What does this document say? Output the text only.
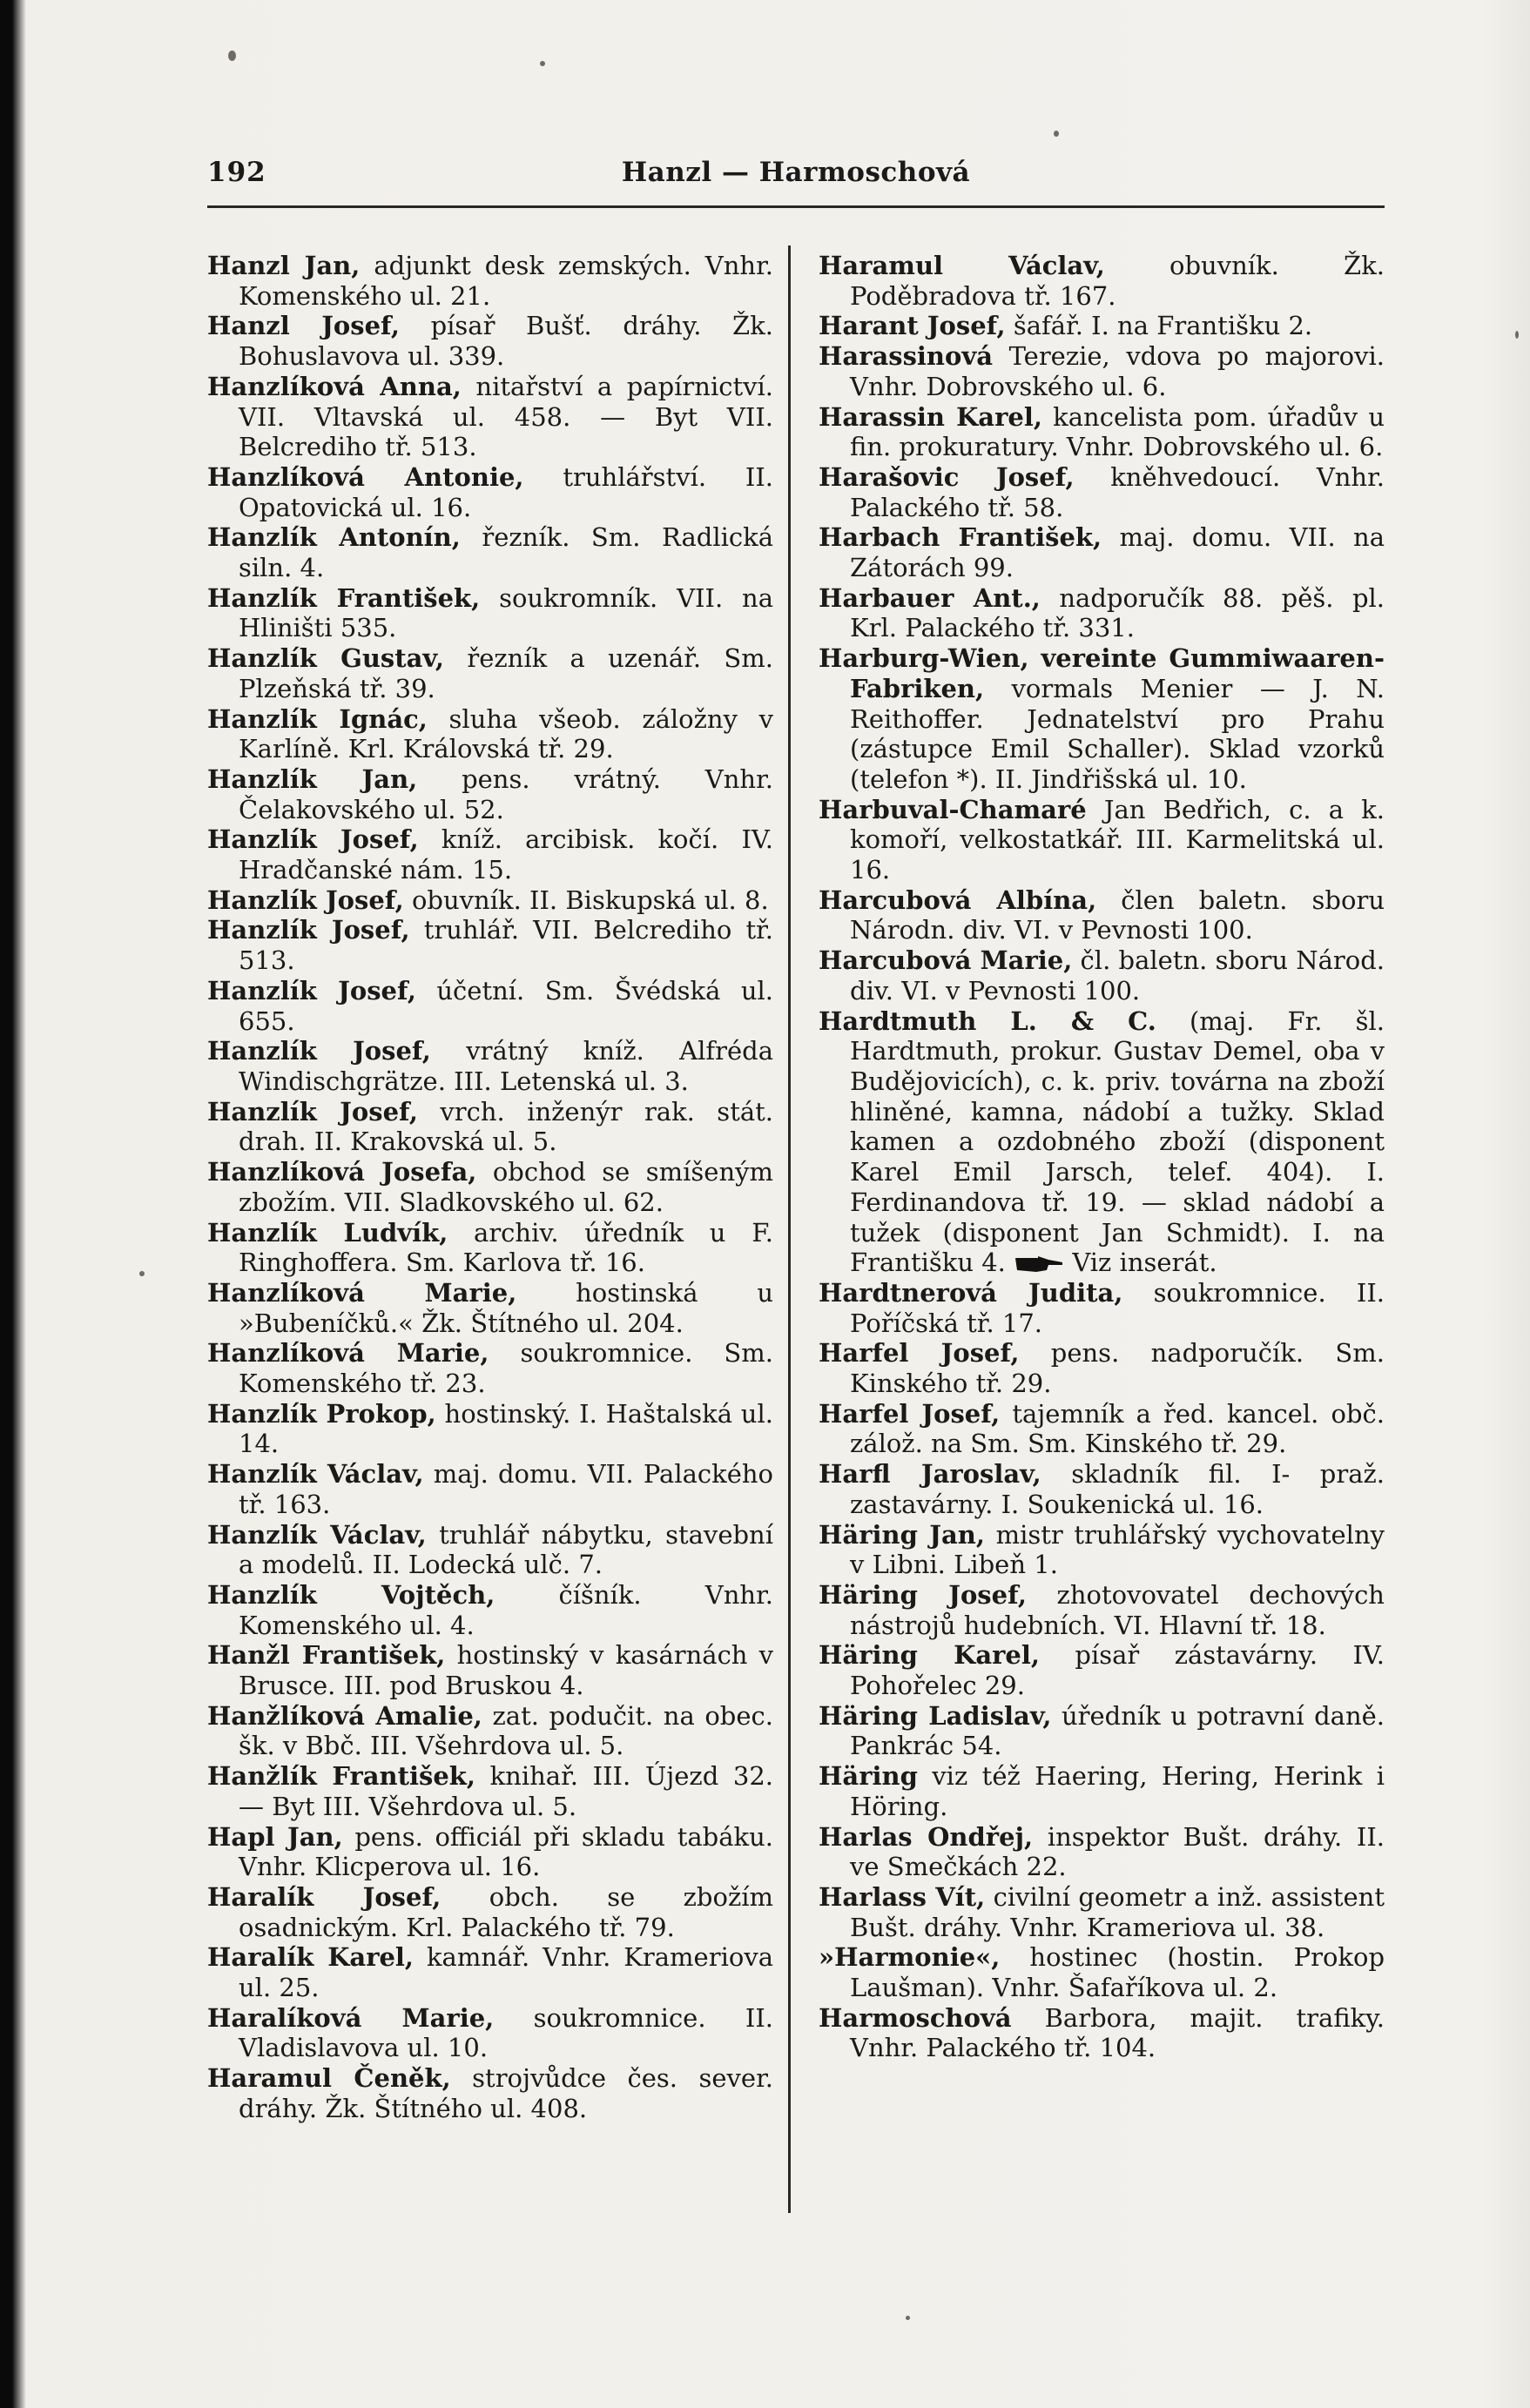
192	Hanzl — Harmoschová

Hanzl Jan, adjunkt desk zemských. Vnhr. Komenského ul. 21.

Hanzl Josef, písař Bušť. dráhy. Žk. Bohuslavova ul. 339.

Hanzlíková Anna, nitařství a papírnictví. VII. Vltavská ul. 458. — Byt VII. Belcrediho tř. 513.

Hanzlíková Antonie, truhlářství. II. Opatovická ul. 16.

Hanzlík Antonín, řezník. Sm. Radlická siln. 4.

Hanzlík František, soukromník. VII. na Hliništi 535.

Hanzlík Gustav, řezník a uzenář. Sm. Plzeňská tř. 39.

Hanzlík Ignác, sluha všeob. záložny v Karlíně. Krl. Královská tř. 29.

Hanzlík Jan, pens. vrátný. Vnhr. Čelakovského ul. 52.

Hanzlík Josef, kníž. arcibisk. kočí. IV. Hradčanské nám. 15.

Hanzlík Josef, obuvník. II. Biskupská ul. 8.

Hanzlík Josef, truhlář. VII. Belcrediho tř. 513.

Hanzlík Josef, účetní. Sm. Švédská ul. 655.

Hanzlík Josef, vrátný kníž. Alfréda Windischgrätze. III. Letenská ul. 3.

Hanzlík Josef, vrch. inženýr rak. stát. drah. II. Krakovská ul. 5.

Hanzlíková Josefa, obchod se smíšeným zbožím. VII. Sladkovského ul. 62.

Hanzlík Ludvík, archiv. úředník u F. Ringhoffera. Sm. Karlova tř. 16.

Hanzlíková Marie, hostinská u »Bubeníčků.« Žk. Štítného ul. 204.

Hanzlíková Marie, soukromnice. Sm. Komenského tř. 23.

Hanzlík Prokop, hostinský. I. Haštalská ul. 14.

Hanzlík Václav, maj. domu. VII. Palackého tř. 163.

Hanzlík Václav, truhlář nábytku, stavební a modelů. II. Lodecká ulč. 7.

Hanzlík Vojtěch,	číšník. Vnhr. Komenského ul. 4.

Hanžl František, hostinský v kasárnách v Brusce. III. pod Bruskou 4.

Hanžlíková Amalie, zat. podučit. na obec. šk. v Bbč. III. Všehrdova ul. 5.

Hanžlík František, knihař. III. Újezd 32. — Byt III. Všehrdova ul. 5.

Hapl Jan, pens. officiál při skladu tabáku. Vnhr. Klicperova ul. 16.

Haralík Josef, obch. se zbožím osadnickým. Krl. Palackého tř. 79.

Haralík Karel, kamnář. Vnhr. Krameriova ul. 25.

Haralíková Marie, soukromnice. II. Vladislavova ul. 10.

Haramul Čeněk, strojvůdce čes. sever. dráhy. Žk. Štítného ul. 408.

Haramul Václav,	obuvník. Žk. Poděbradova tř. 167.

Harant Josef, šafář. I. na Františku 2.

Harassinová Terezie, vdova po majorovi. Vnhr. Dobrovského ul. 6.

Harassin Karel, kancelista pom. úřadův u fin. prokuratury. Vnhr. Dobrovského ul. 6.

Harašovic Josef, kněhvedoucí. Vnhr. Palackého tř. 58.

Harbach František, maj. domu. VII. na Zátorách 99.

Harbauer Ant., nadporučík 88. pěš. pl. Krl. Palackého tř. 331.

Harburg-Wien, vereinte Gummiwaaren-Fabriken, vormals Menier — J. N. Reithoffer. Jednatelství pro Prahu (zástupce Emil Schaller). Sklad vzorků (telefon *). II. Jindřišská ul. 10.

Harbuval-Chamaré Jan Bedřich, c. a k. komoří, velkostatkář. III. Karmelitská ul. 16.

Harcubová Albína, člen baletn. sboru Národn. div. VI. v Pevnosti 100.

Harcubová Marie, čl. baletn. sboru Národ. div. VI. v Pevnosti 100.

Hardtmuth L. & C. (maj. Fr. šl. Hardtmuth, prokur. Gustav Demel, oba v Budějovicích), c. k. priv. továrna na zboží hliněné, kamna, nádobí a tužky. Sklad kamen a ozdobného zboží (disponent Karel Emil Jarsch, telef. 404). I. Ferdinandova tř. 19. — sklad nádobí a tužek (disponent Jan Schmidt). I. na Františku 4.	Viz inserát.

Hardtnerová Judita, soukromnice. II. Poříčská tř. 17.

Harfel Josef, pens. nadporučík. Sm. Kinského tř. 29.

Harfel Josef, tajemník a řed. kancel. obč. zálož. na Sm. Sm. Kinského tř. 29.

Harfl Jaroslav, skladník fil. I- praž. zastavárny. I. Soukenická ul. 16.

Häring Jan, mistr truhlářský vychovatelny v Libni. Libeň 1.

Häring Josef, zhotovovatel dechových nástrojů hudebních. VI. Hlavní tř. 18.

Häring Karel, písař zástavárny. IV. Pohořelec 29.

Häring Ladislav, úředník u potravní daně. Pankrác 54.

Häring viz též Haering, Hering, Herink i Höring.

Harlas Ondřej, inspektor Bušt. dráhy. II. ve Smečkách 22.

Harlass Vít, civilní geometr a inž. assistent Bušt. dráhy. Vnhr. Krameriova ul. 38.

»Harmonie«, hostinec (hostin. Prokop Laušman). Vnhr. Šafaříkova ul. 2.

Harmoschová Barbora, majit. trafiky. Vnhr. Palackého tř. 104.
